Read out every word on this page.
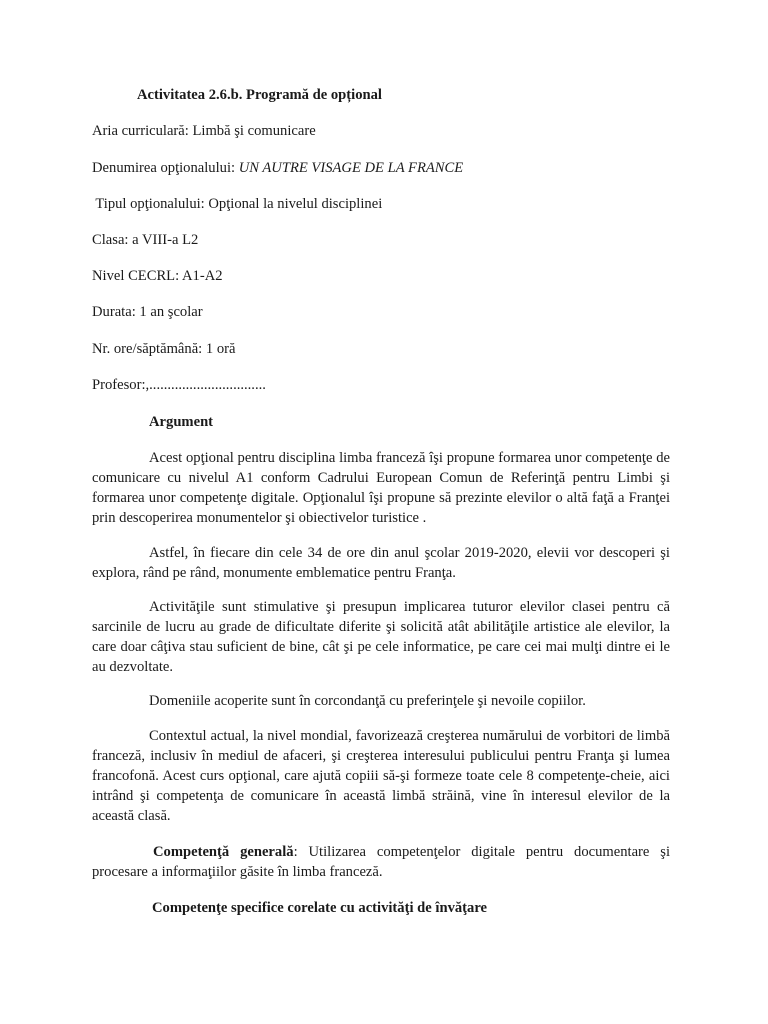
Activitatea 2.6.b. Programă de opțional
Aria curriculară: Limbă şi comunicare
Denumirea opţionalului: UN AUTRE VISAGE DE LA FRANCE
Tipul opţionalului: Opţional la nivelul disciplinei
Clasa: a VIII-a L2
Nivel CECRL: A1-A2
Durata: 1 an şcolar
Nr. ore/săptămână: 1 oră
Profesor:,................................
Argument
Acest opţional pentru disciplina limba franceză îşi propune formarea unor competenţe de comunicare cu nivelul A1 conform Cadrului European Comun de Referinţă pentru Limbi şi formarea unor competenţe digitale. Opţionalul îşi propune să prezinte elevilor o altă faţă a Franţei prin descoperirea monumentelor şi obiectivelor turistice .
Astfel, în fiecare din cele 34 de ore din anul şcolar 2019-2020, elevii vor descoperi şi explora, rând pe rând, monumente emblematice pentru Franţa.
Activităţile sunt stimulative şi presupun implicarea tuturor elevilor clasei pentru că sarcinile de lucru au grade de dificultate diferite şi solicită atât abilităţile artistice ale elevilor, la care doar câţiva stau suficient de bine, cât şi pe cele informatice, pe care cei mai mulţi dintre ei le au dezvoltate.
Domeniile acoperite sunt în corcondanţă cu preferinţele şi nevoile copiilor.
Contextul actual, la nivel mondial, favorizează creşterea numărului de vorbitori de limbă franceză, inclusiv în mediul de afaceri, şi creşterea interesului publicului pentru Franţa şi lumea francofonă. Acest curs opţional, care ajută copiii să-şi formeze toate cele 8 competenţe-cheie, aici intrând şi competenţa de comunicare în această limbă străină, vine în interesul elevilor de la această clasă.
Competenţă generală: Utilizarea competenţelor digitale pentru documentare şi procesare a informaţiilor găsite în limba franceză.
Competenţe specifice corelate cu activităţi de învăţare
